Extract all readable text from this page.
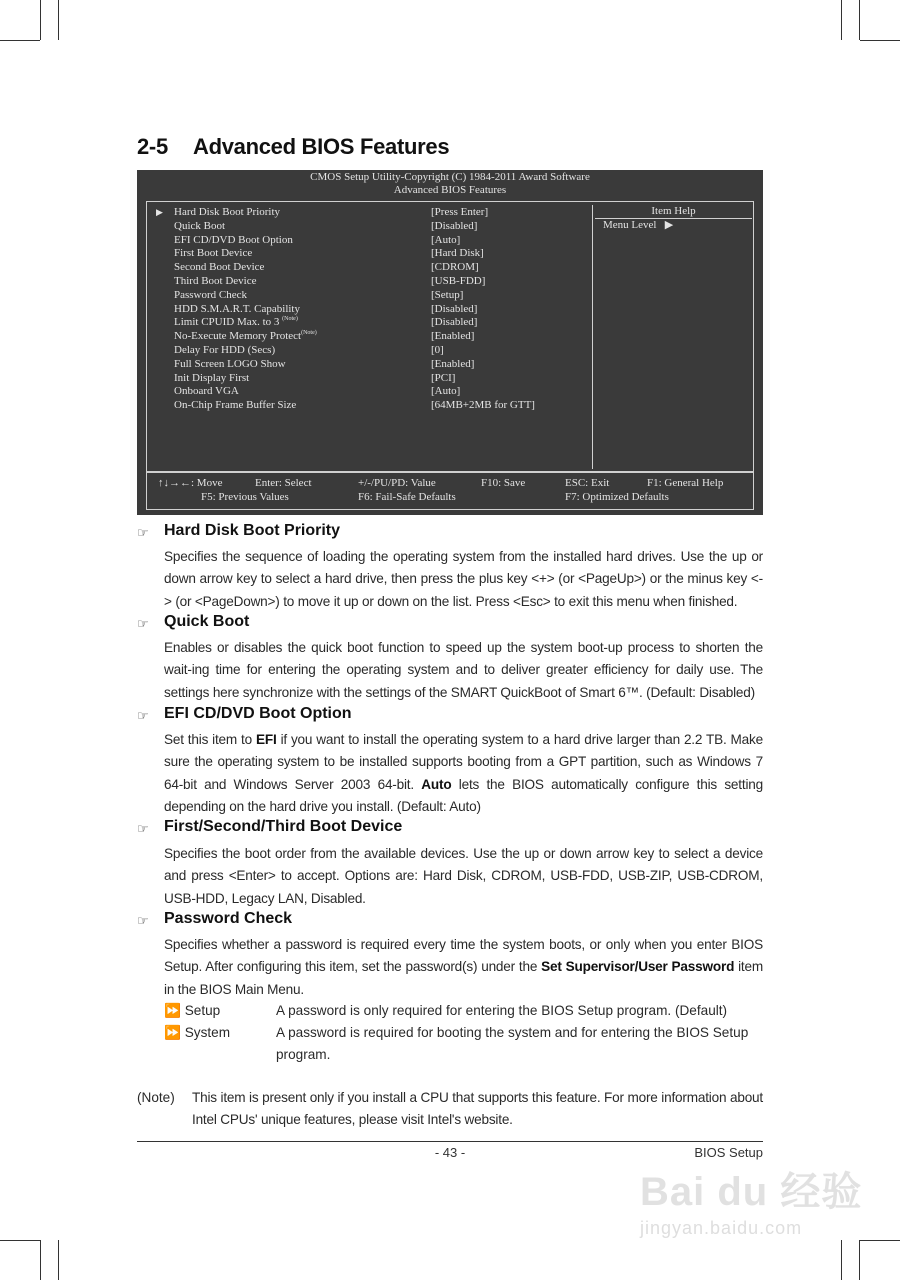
2-5 Advanced BIOS Features
CMOS Setup Utility-Copyright (C) 1984-2011 Award Software
Advanced BIOS Features
Item Help
Menu Level ▶
▶ Hard Disk Boot Priority	[Press Enter]
Quick Boot	[Disabled]
EFI CD/DVD Boot Option	[Auto]
First Boot Device	[Hard Disk]
Second Boot Device	[CDROM]
Third Boot Device	[USB-FDD]
Password Check	[Setup]
HDD S.M.A.R.T. Capability	[Disabled]
Limit CPUID Max. to 3 $^{(Note)}$	[Disabled]
No-Execute Memory Protect$^{(Note)}$	[Enabled]
Delay For HDD (Secs)	[0]
Full Screen LOGO Show	[Enabled]
Init Display First	[PCI]
Onboard VGA	[Auto]
On-Chip Frame Buffer Size	[64MB+2MB for GTT]
↑↓→←: Move	Enter: Select	+/-/PU/PD: Value	F10: Save	ESC: Exit	F1: General Help
F5: Previous Values	F6: Fail-Safe Defaults	F7: Optimized Defaults
☞ Hard Disk Boot Priority

Specifies the sequence of loading the operating system from the installed hard drives. Use the up or down arrow key to select a hard drive, then press the plus key <+> (or <PageUp>) or the minus key <-> (or <PageDown>) to move it up or down on the list. Press <Esc> to exit this menu when finished.

☞ Quick Boot

Enables or disables the quick boot function to speed up the system boot-up process to shorten the wait-ing time for entering the operating system and to deliver greater efficiency for daily use. The settings here synchronize with the settings of the SMART QuickBoot of Smart 6™. (Default: Disabled)

☞ EFI CD/DVD Boot Option

Set this item to EFI if you want to install the operating system to a hard drive larger than 2.2 TB. Make sure the operating system to be installed supports booting from a GPT partition, such as Windows 7 64-bit and Windows Server 2003 64-bit. Auto lets the BIOS automatically configure this setting depending on the hard drive you install. (Default: Auto)

☞ First/Second/Third Boot Device

Specifies the boot order from the available devices. Use the up or down arrow key to select a device and press <Enter> to accept. Options are: Hard Disk, CDROM, USB-FDD, USB-ZIP, USB-CDROM, USB-HDD, Legacy LAN, Disabled.

☞ Password Check

Specifies whether a password is required every time the system boots, or only when you enter BIOS Setup. After configuring this item, set the password(s) under the Set Supervisor/User Password item in the BIOS Main Menu.

⏩ Setup	A password is only required for entering the BIOS Setup program. (Default)

⏩ System	A password is required for booting the system and for entering the BIOS Setup program.

(Note) This item is present only if you install a CPU that supports this feature. For more information about Intel CPUs' unique features, please visit Intel's website.

- 43 -	BIOS Setup
Bai du 经验
jingyan.baidu.com
